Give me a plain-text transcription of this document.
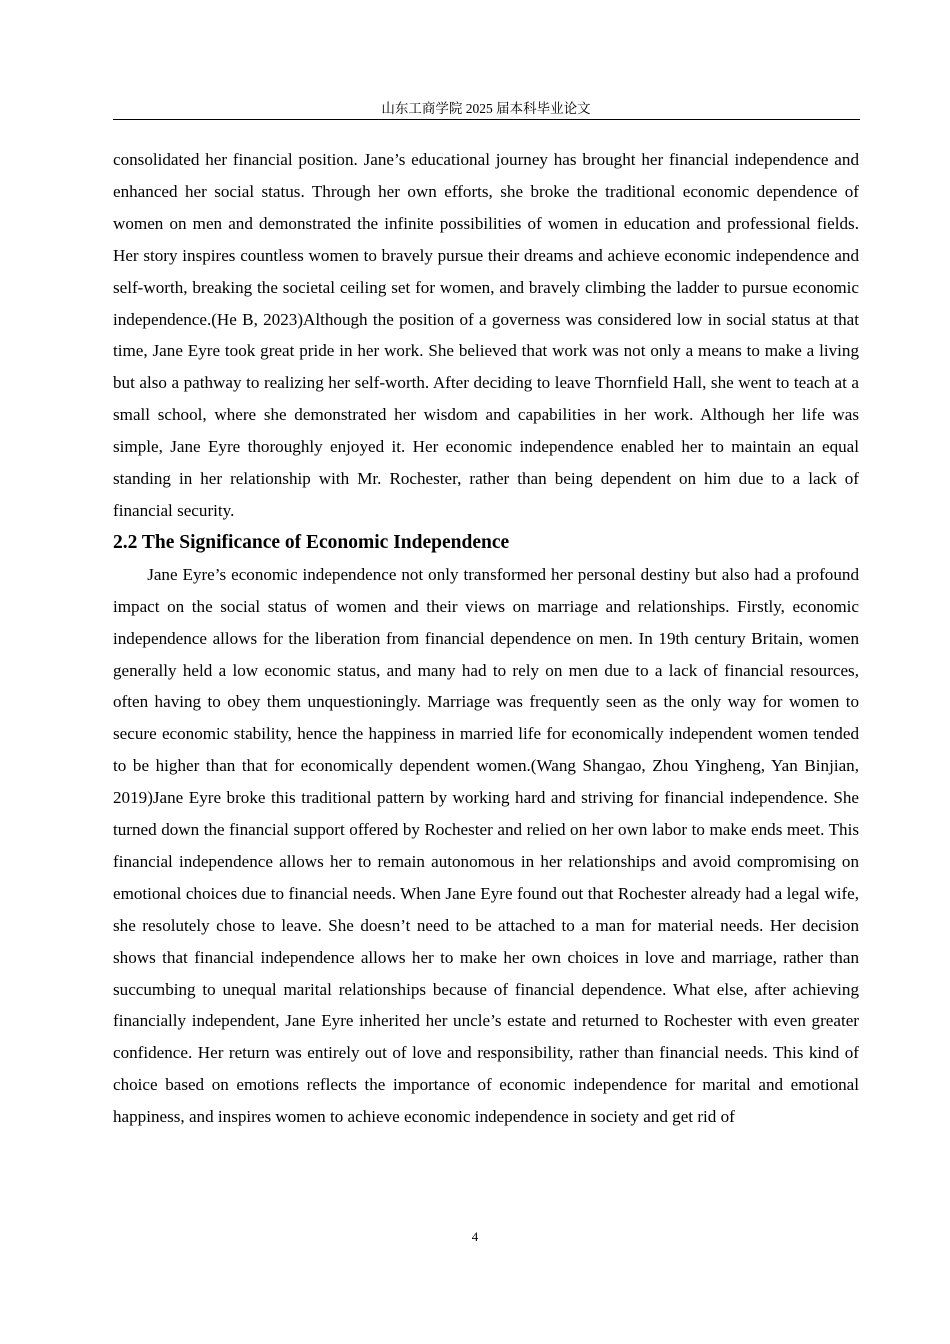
山东工商学院 2025 届本科毕业论文

consolidated her financial position. Jane’s educational journey has brought her financial independence and enhanced her social status. Through her own efforts, she broke the traditional economic dependence of women on men and demonstrated the infinite possibilities of women in education and professional fields. Her story inspires countless women to bravely pursue their dreams and achieve economic independence and self-worth, breaking the societal ceiling set for women, and bravely climbing the ladder to pursue economic independence.(He B, 2023)Although the position of a governess was considered low in social status at that time, Jane Eyre took great pride in her work. She believed that work was not only a means to make a living but also a pathway to realizing her self-worth. After deciding to leave Thornfield Hall, she went to teach at a small school, where she demonstrated her wisdom and capabilities in her work. Although her life was simple, Jane Eyre thoroughly enjoyed it. Her economic independence enabled her to maintain an equal standing in her relationship with Mr. Rochester, rather than being dependent on him due to a lack of financial security.

2.2 The Significance of Economic Independence

Jane Eyre’s economic independence not only transformed her personal destiny but also had a profound impact on the social status of women and their views on marriage and relationships. Firstly, economic independence allows for the liberation from financial dependence on men. In 19th century Britain, women generally held a low economic status, and many had to rely on men due to a lack of financial resources, often having to obey them unquestioningly. Marriage was frequently seen as the only way for women to secure economic stability, hence the happiness in married life for economically independent women tended to be higher than that for economically dependent women.(Wang Shangao, Zhou Yingheng, Yan Binjian, 2019)Jane Eyre broke this traditional pattern by working hard and striving for financial independence. She turned down the financial support offered by Rochester and relied on her own labor to make ends meet. This financial independence allows her to remain autonomous in her relationships and avoid compromising on emotional choices due to financial needs. When Jane Eyre found out that Rochester already had a legal wife, she resolutely chose to leave. She doesn’t need to be attached to a man for material needs. Her decision shows that financial independence allows her to make her own choices in love and marriage, rather than succumbing to unequal marital relationships because of financial dependence. What else, after achieving financially independent, Jane Eyre inherited her uncle’s estate and returned to Rochester with even greater confidence. Her return was entirely out of love and responsibility, rather than financial needs. This kind of choice based on emotions reflects the importance of economic independence for marital and emotional happiness, and inspires women to achieve economic independence in society and get rid of

4
